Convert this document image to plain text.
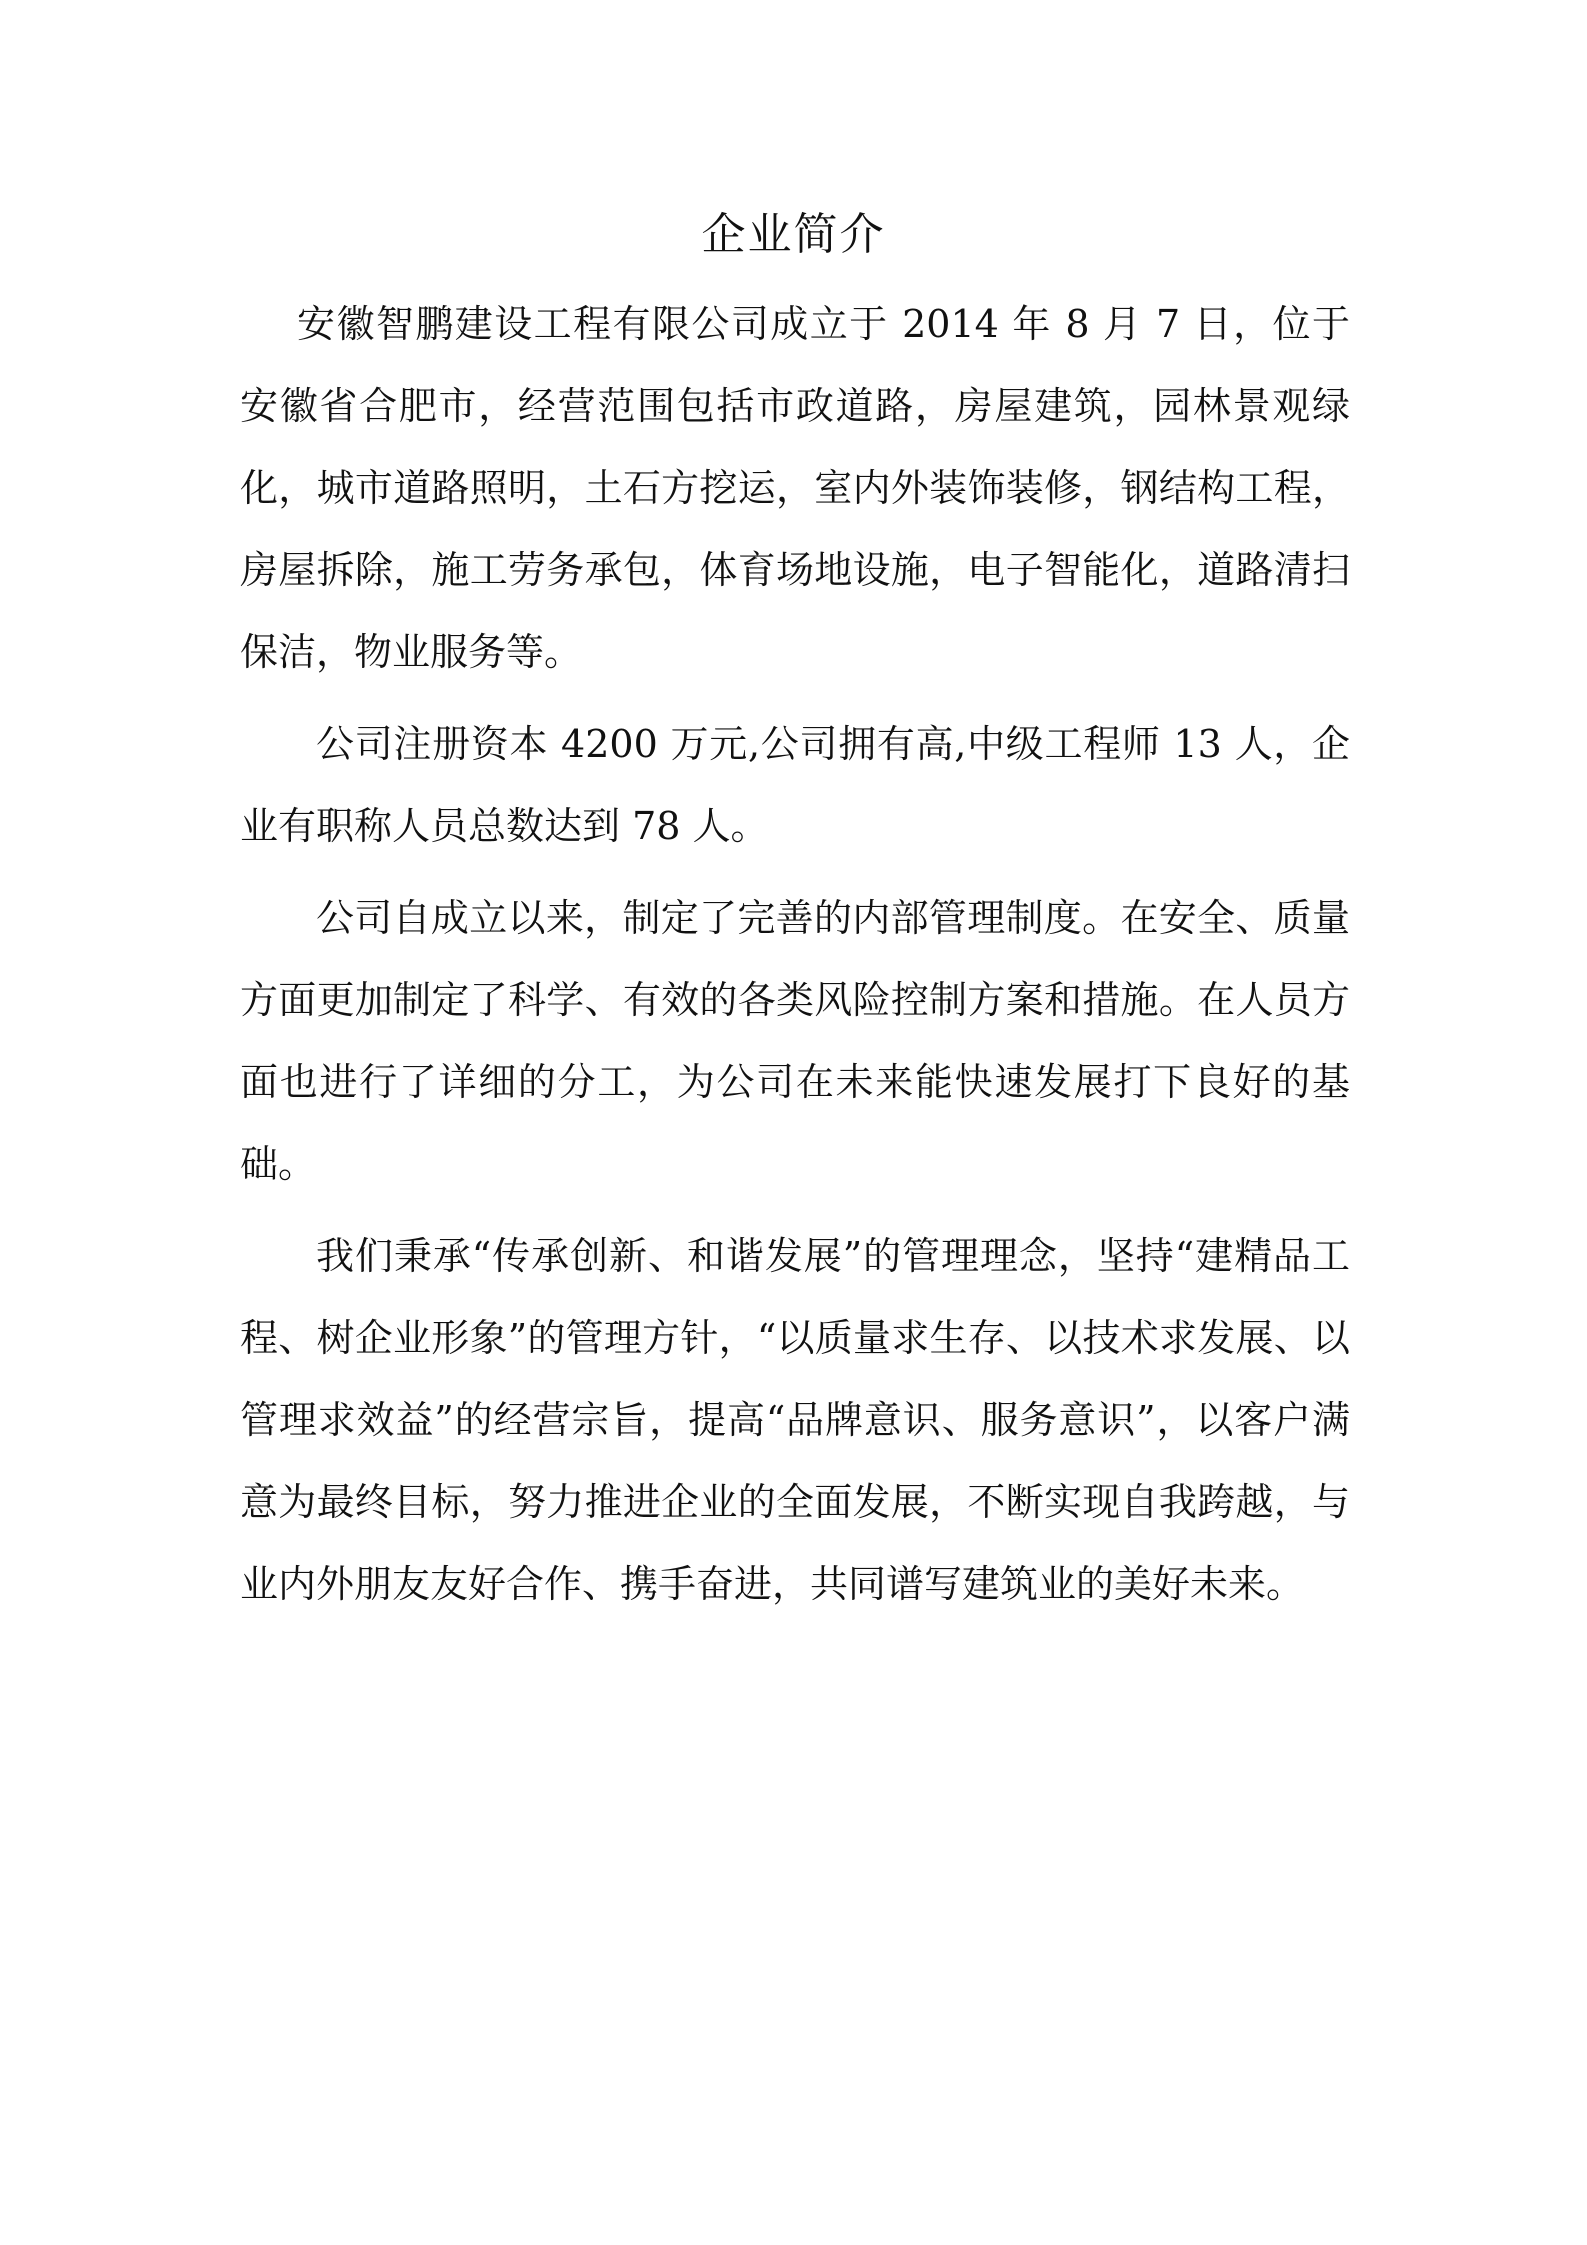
企业简介

安徽智鹏建设工程有限公司成立于 2014 年 8 月 7 日，位于安徽省合肥市，经营范围包括市政道路，房屋建筑，园林景观绿化，城市道路照明，土石方挖运，室内外装饰装修，钢结构工程，房屋拆除，施工劳务承包，体育场地设施，电子智能化，道路清扫保洁，物业服务等。

公司注册资本 4200 万元,公司拥有高,中级工程师 13 人，企业有职称人员总数达到 78 人。

公司自成立以来，制定了完善的内部管理制度。在安全、质量方面更加制定了科学、有效的各类风险控制方案和措施。在人员方面也进行了详细的分工，为公司在未来能快速发展打下良好的基础。

我们秉承“传承创新、和谐发展”的管理理念，坚持“建精品工程、树企业形象”的管理方针，“以质量求生存、以技术求发展、以管理求效益”的经营宗旨，提高“品牌意识、服务意识”，以客户满意为最终目标，努力推进企业的全面发展，不断实现自我跨越，与业内外朋友友好合作、携手奋进，共同谱写建筑业的美好未来。
